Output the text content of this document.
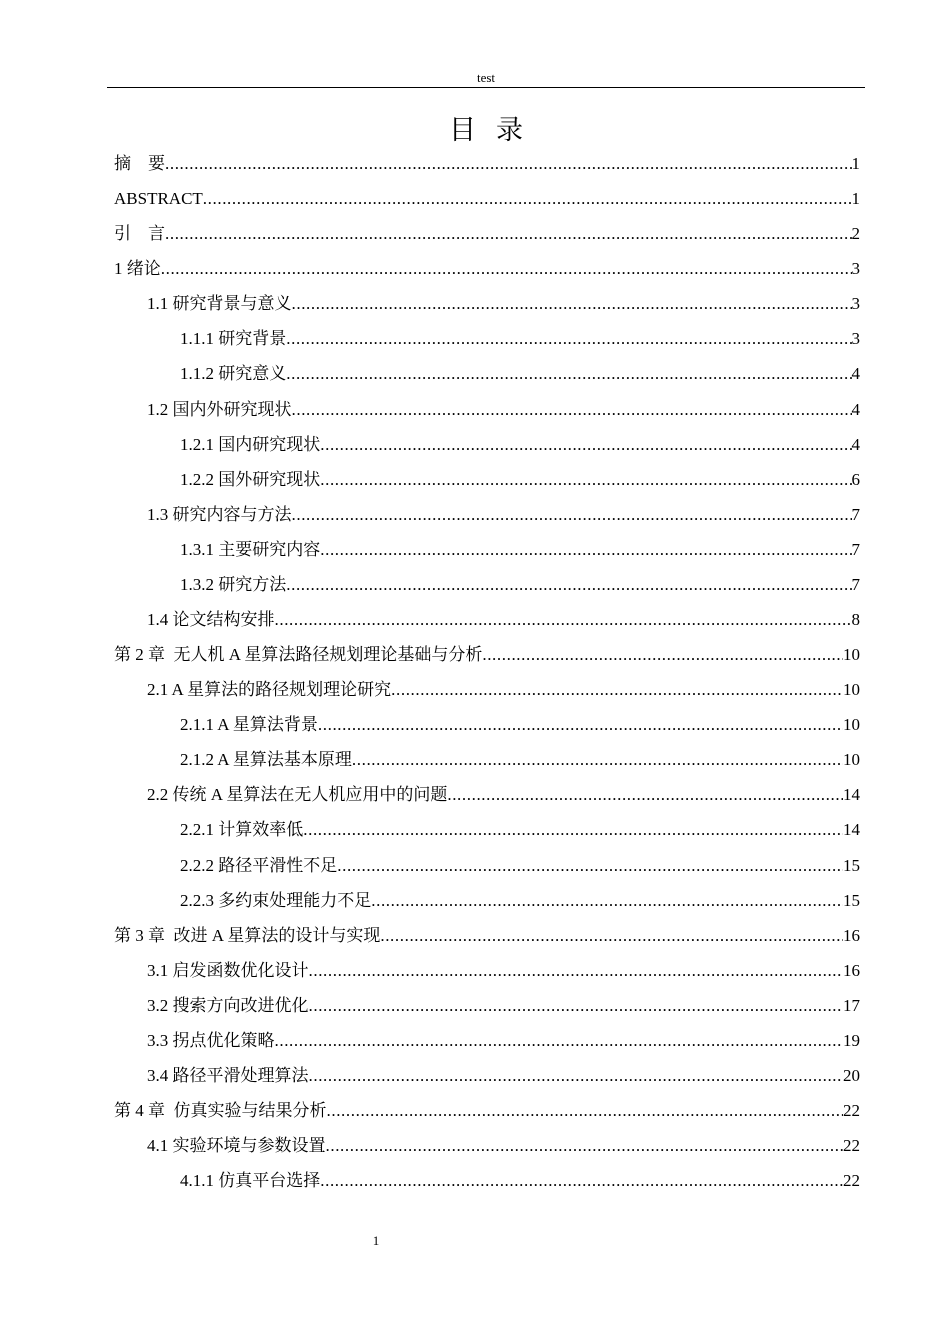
test
目录
摘　要 .....	1
ABSTRACT .....	1
引　言 .....	2
1 绪论 .....	3
1.1 研究背景与意义 .....	3
1.1.1 研究背景 .....	3
1.1.2 研究意义 .....	4
1.2 国内外研究现状 .....	4
1.2.1 国内研究现状 .....	4
1.2.2 国外研究现状 .....	6
1.3 研究内容与方法 .....	7
1.3.1 主要研究内容 .....	7
1.3.2 研究方法 .....	7
1.4 论文结构安排 .....	8
第 2 章 无人机 A 星算法路径规划理论基础与分析 .....	10
2.1 A 星算法的路径规划理论研究 .....	10
2.1.1 A 星算法背景 .....	10
2.1.2 A 星算法基本原理 .....	10
2.2 传统 A 星算法在无人机应用中的问题 .....	14
2.2.1 计算效率低 .....	14
2.2.2 路径平滑性不足 .....	15
2.2.3 多约束处理能力不足 .....	15
第 3 章 改进 A 星算法的设计与实现 .....	16
3.1 启发函数优化设计 .....	16
3.2 搜索方向改进优化 .....	17
3.3 拐点优化策略 .....	19
3.4 路径平滑处理算法 .....	20
第 4 章 仿真实验与结果分析 .....	22
4.1 实验环境与参数设置 .....	22
4.1.1 仿真平台选择 .....	22
1
